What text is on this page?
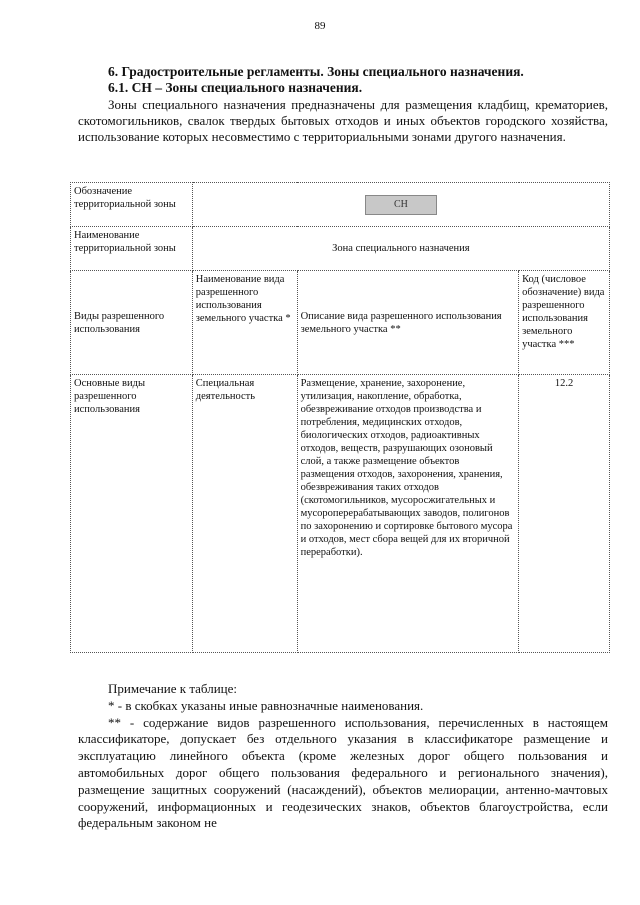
89
6. Градостроительные регламенты. Зоны специального назначения.
6.1. СН – Зоны специального назначения.
Зоны специального назначения предназначены для размещения кладбищ, крематориев, скотомогильников, свалок твердых бытовых отходов и иных объектов городского хозяйства, использование которых несовместимо с территориальными зонами другого назначения.
Обозначение территориальной зоны	СН		
Наименование территориальной зоны	Зона специального назначения		
Виды разрешенного использования	Наименование вида разрешенного использования земельного участка *	Описание вида разрешенного использования земельного участка **	Код (числовое обозначение) вида разрешенного использования земельного участка ***
Основные виды разрешенного использования	Специальная деятельность	Размещение, хранение, захоронение, утилизация, накопление, обработка, обезвреживание отходов производства и потребления, медицинских отходов, биологических отходов, радиоактивных отходов, веществ, разрушающих озоновый слой, а также размещение объектов размещения отходов, захоронения, хранения, обезвреживания таких отходов (скотомогильников, мусоросжигательных и мусороперерабатывающих заводов, полигонов по захоронению и сортировке бытового мусора и отходов, мест сбора вещей для их вторичной переработки).	12.2

Примечание к таблице:

* - в скобках указаны иные равнозначные наименования.

** - содержание видов разрешенного использования, перечисленных в настоящем классификаторе, допускает без отдельного указания в классификаторе размещение и эксплуатацию линейного объекта (кроме железных дорог общего пользования и автомобильных дорог общего пользования федерального и регионального значения), размещение защитных сооружений (насаждений), объектов мелиорации, антенно-мачтовых сооружений, информационных и геодезических знаков, объектов благоустройства, если федеральным законом не
